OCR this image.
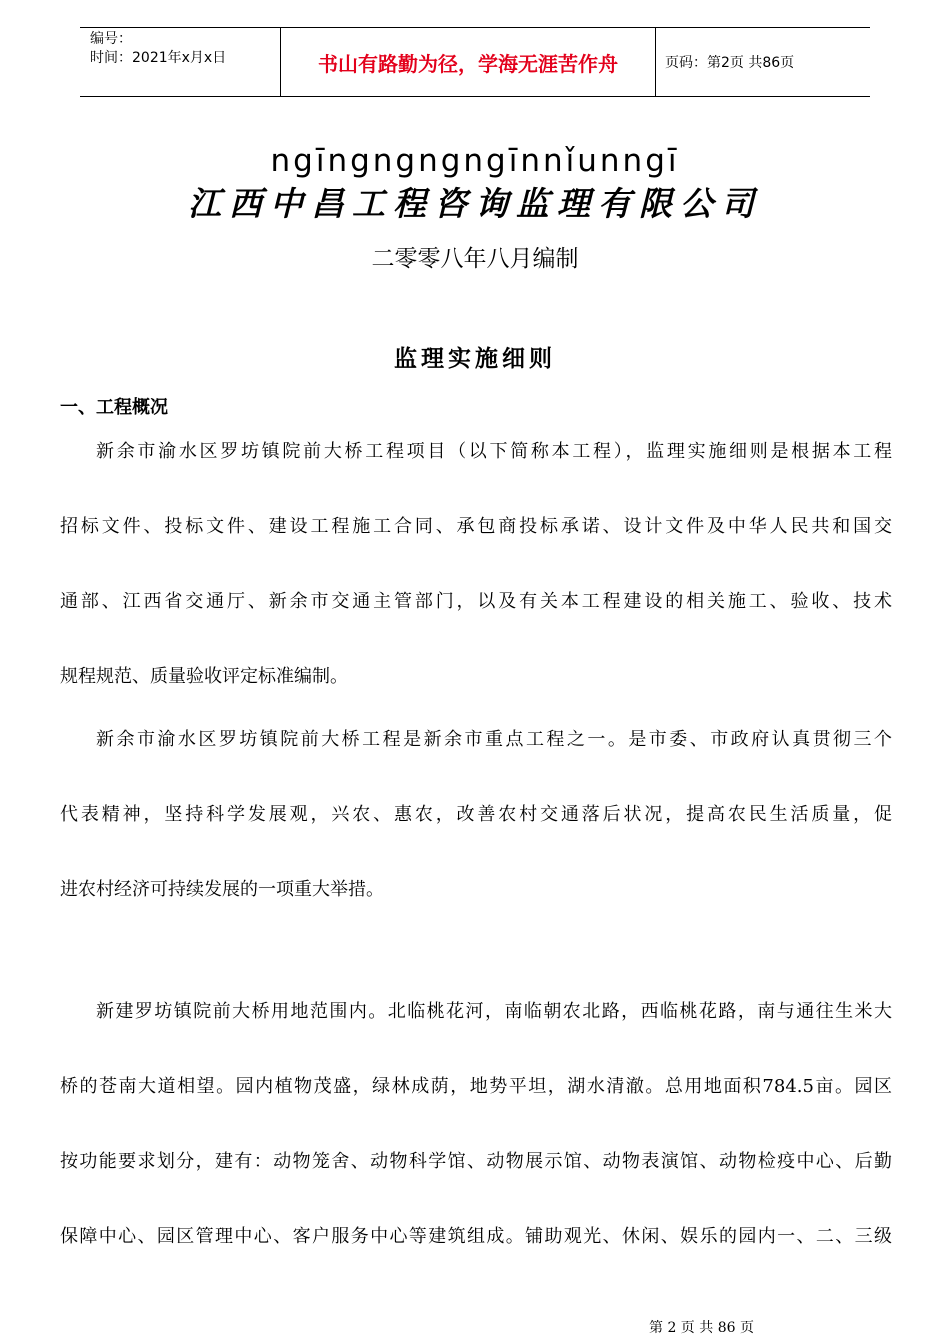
编号：
时间：2021年x月x日	书山有路勤为径，学海无涯苦作舟	页码：第2页 共86页
ngīngngngngīnnǐunngī
江西中昌工程咨询监理有限公司
二零零八年八月编制
监理实施细则
一、工程概况
新余市渝水区罗坊镇院前大桥工程项目（以下简称本工程），监理实施细则是根据本工程
招标文件、投标文件、建设工程施工合同、承包商投标承诺、设计文件及中华人民共和国交
通部、江西省交通厅、新余市交通主管部门，以及有关本工程建设的相关施工、验收、技术
规程规范、质量验收评定标准编制。
新余市渝水区罗坊镇院前大桥工程是新余市重点工程之一。是市委、市政府认真贯彻三个
代表精神，坚持科学发展观，兴农、惠农，改善农村交通落后状况，提高农民生活质量，促
进农村经济可持续发展的一项重大举措。
新建罗坊镇院前大桥用地范围内。北临桃花河，南临朝农北路，西临桃花路，南与通往生米大
桥的苍南大道相望。园内植物茂盛，绿林成荫，地势平坦，湖水清澈。总用地面积784.5亩。园区
按功能要求划分，建有：动物笼舍、动物科学馆、动物展示馆、动物表演馆、动物检疫中心、后勤
保障中心、园区管理中心、客户服务中心等建筑组成。铺助观光、休闲、娱乐的园内一、二、三级
第 2 页 共 86 页
